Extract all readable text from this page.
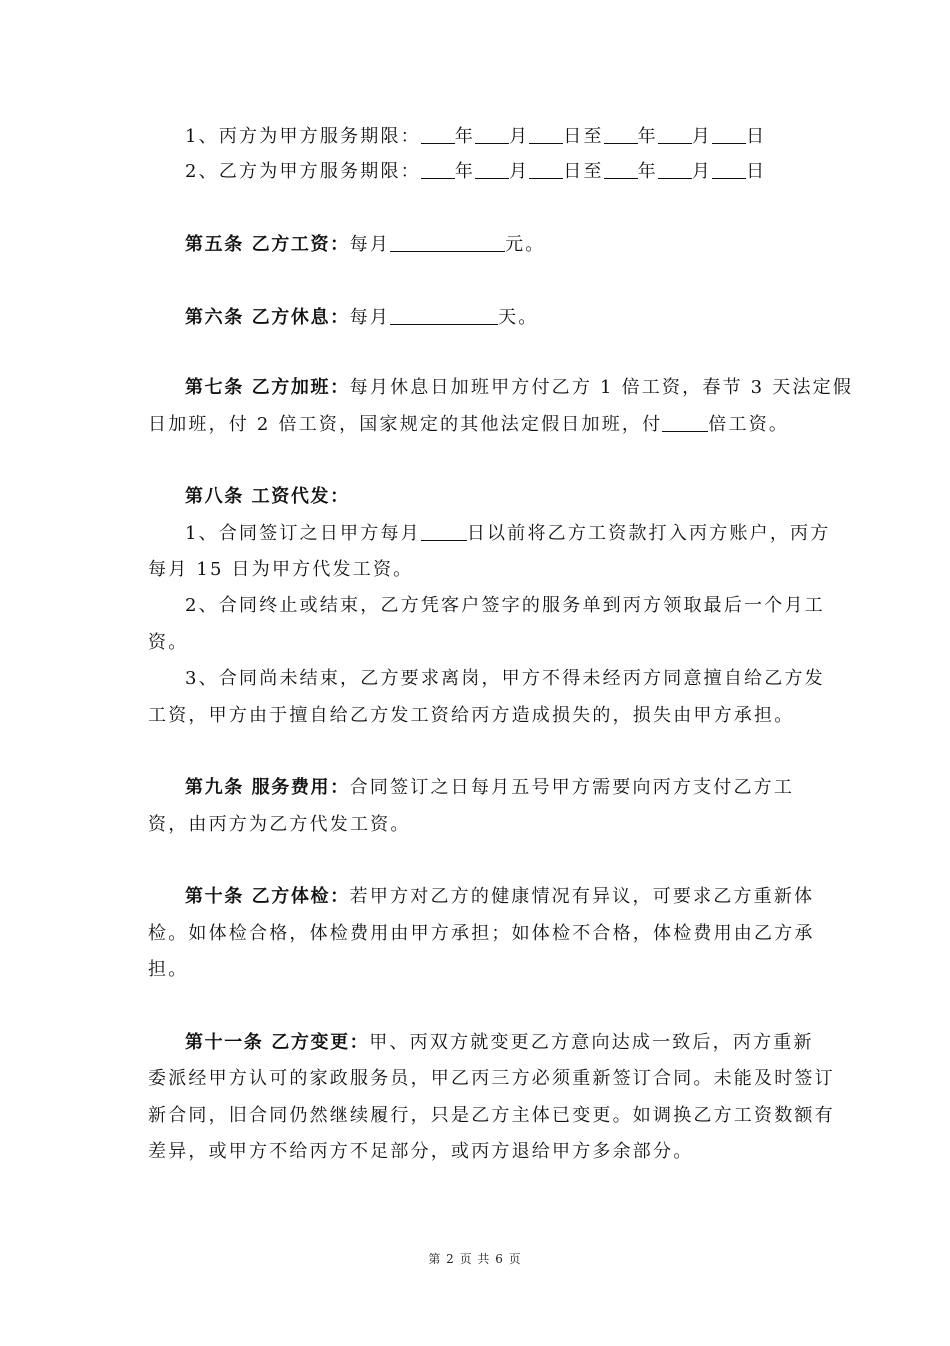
1、丙方为甲方服务期限： 年 月 日至 年 月 日
2、乙方为甲方服务期限： 年 月 日至 年 月 日
第五条 乙方工资：每月	元。
第六条 乙方休息：每月	天。
第七条 乙方加班：每月休息日加班甲方付乙方 1 倍工资，春节 3 天法定假
日加班，付 2 倍工资，国家规定的其他法定假日加班，付	倍工资。
第八条 工资代发：
1、合同签订之日甲方每月	日以前将乙方工资款打入丙方账户，丙方
每月 15 日为甲方代发工资。
2、合同终止或结束，乙方凭客户签字的服务单到丙方领取最后一个月工
资。
3、合同尚未结束，乙方要求离岗，甲方不得未经丙方同意擅自给乙方发
工资，甲方由于擅自给乙方发工资给丙方造成损失的，损失由甲方承担。
第九条 服务费用：合同签订之日每月五号甲方需要向丙方支付乙方工
资，由丙方为乙方代发工资。
第十条 乙方体检：若甲方对乙方的健康情况有异议，可要求乙方重新体
检。如体检合格，体检费用由甲方承担；如体检不合格，体检费用由乙方承
担。
第十一条 乙方变更：甲、丙双方就变更乙方意向达成一致后，丙方重新
委派经甲方认可的家政服务员，甲乙丙三方必须重新签订合同。未能及时签订
新合同，旧合同仍然继续履行，只是乙方主体已变更。如调换乙方工资数额有
差异，或甲方不给丙方不足部分，或丙方退给甲方多余部分。
第 2 页 共 6 页
